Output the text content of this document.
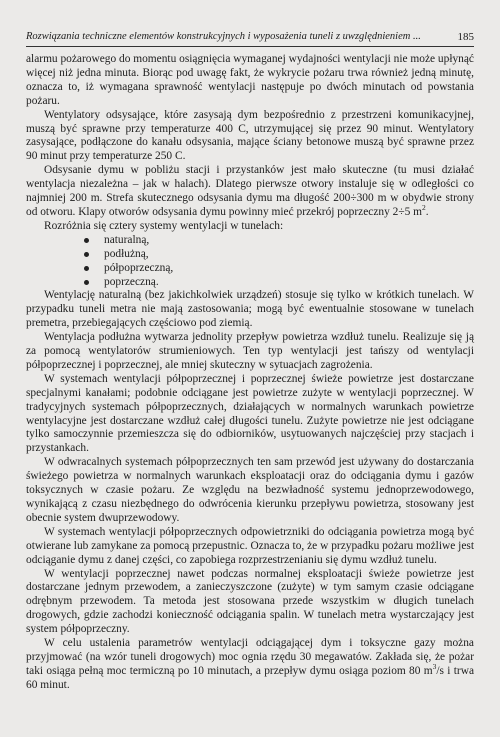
Rozwiązania techniczne elementów konstrukcyjnych i wyposażenia tuneli z uwzględnieniem ...	185

alarmu pożarowego do momentu osiągnięcia wymaganej wydajności wentylacji nie może upłynąć więcej niż jedna minuta. Biorąc pod uwagę fakt, że wykrycie pożaru trwa również jedną minutę, oznacza to, iż wymagana sprawność wentylacji następuje po dwóch minutach od powstania pożaru.

Wentylatory odsysające, które zasysają dym bezpośrednio z przestrzeni komunikacyjnej, muszą być sprawne przy temperaturze 400 C, utrzymującej się przez 90 minut. Wentylatory zasysające, podłączone do kanału odsysania, mające ściany betonowe muszą być sprawne przez 90 minut przy temperaturze 250 C.

Odsysanie dymu w pobliżu stacji i przystanków jest mało skuteczne (tu musi działać wentylacja niezależna – jak w halach). Dlatego pierwsze otwory instaluje się w odległości co najmniej 200 m. Strefa skutecznego odsysania dymu ma długość 200÷300 m w obydwie strony od otworu. Klapy otworów odsysania dymu powinny mieć przekrój poprzeczny 2÷5 $m^2$.

Rozróżnia się cztery systemy wentylacji w tunelach:

naturalną,
podłużną,
półpoprzeczną,
poprzeczną.

Wentylację naturalną (bez jakichkolwiek urządzeń) stosuje się tylko w krótkich tunelach. W przypadku tuneli metra nie mają zastosowania; mogą być ewentualnie stosowane w tunelach premetra, przebiegających częściowo pod ziemią.

Wentylacja podłużna wytwarza jednolity przepływ powietrza wzdłuż tunelu. Realizuje się ją za pomocą wentylatorów strumieniowych. Ten typ wentylacji jest tańszy od wentylacji półpoprzecznej i poprzecznej, ale mniej skuteczny w sytuacjach zagrożenia.

W systemach wentylacji półpoprzecznej i poprzecznej świeże powietrze jest dostarczane specjalnymi kanałami; podobnie odciągane jest powietrze zużyte w wentylacji poprzecznej. W tradycyjnych systemach półpoprzecznych, działających w normalnych warunkach powietrze wentylacyjne jest dostarczane wzdłuż całej długości tunelu. Zużyte powietrze nie jest odciągane tylko samoczynnie przemieszcza się do odbiorników, usytuowanych najczęściej przy stacjach i przystankach.

W odwracalnych systemach półpoprzecznych ten sam przewód jest używany do dostarczania świeżego powietrza w normalnych warunkach eksploatacji oraz do odciągania dymu i gazów toksycznych w czasie pożaru. Ze względu na bezwładność systemu jednoprzewodowego, wynikającą z czasu niezbędnego do odwrócenia kierunku przepływu powietrza, stosowany jest obecnie system dwuprzewodowy.

W systemach wentylacji półpoprzecznych odpowietrzniki do odciągania powietrza mogą być otwierane lub zamykane za pomocą przepustnic. Oznacza to, że w przypadku pożaru możliwe jest odciąganie dymu z danej części, co zapobiega rozprzestrzenianiu się dymu wzdłuż tunelu.

W wentylacji poprzecznej nawet podczas normalnej eksploatacji świeże powietrze jest dostarczane jednym przewodem, a zanieczyszczone (zużyte) w tym samym czasie odciągane odrębnym przewodem. Ta metoda jest stosowana przede wszystkim w długich tunelach drogowych, gdzie zachodzi konieczność odciągania spalin. W tunelach metra wystarczający jest system półpoprzeczny.

W celu ustalenia parametrów wentylacji odciągającej dym i toksyczne gazy można przyjmować (na wzór tuneli drogowych) moc ognia rzędu 30 megawatów. Zakłada się, że pożar taki osiąga pełną moc termiczną po 10 minutach, a przepływ dymu osiąga poziom 80 $m^3/s$ i trwa 60 minut.
